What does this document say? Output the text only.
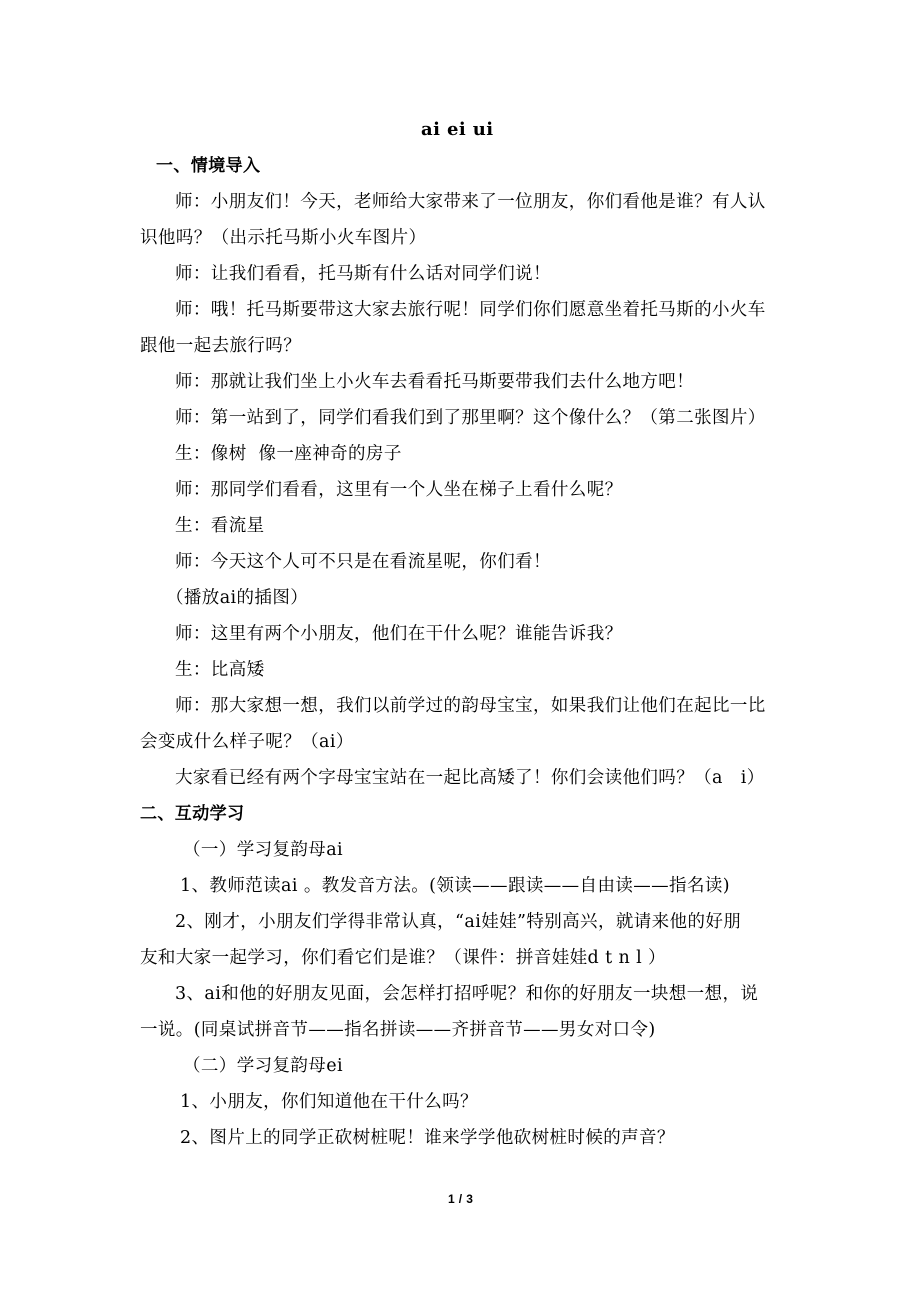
ai ei ui
一、情境导入
师：小朋友们！今天，老师给大家带来了一位朋友，你们看他是谁？有人认
识他吗？（出示托马斯小火车图片）
师：让我们看看，托马斯有什么话对同学们说！
师：哦！托马斯要带这大家去旅行呢！同学们你们愿意坐着托马斯的小火车
跟他一起去旅行吗？
师：那就让我们坐上小火车去看看托马斯要带我们去什么地方吧！
师：第一站到了，同学们看我们到了那里啊？这个像什么？（第二张图片）
生：像树  像一座神奇的房子
师：那同学们看看，这里有一个人坐在梯子上看什么呢？
生：看流星
师：今天这个人可不只是在看流星呢，你们看！
（播放ai的插图）
师：这里有两个小朋友，他们在干什么呢？谁能告诉我？
生：比高矮
师：那大家想一想，我们以前学过的韵母宝宝，如果我们让他们在起比一比
会变成什么样子呢？（ai）
大家看已经有两个字母宝宝站在一起比高矮了！你们会读他们吗？（a   i）
二、互动学习
（一）学习复韵母ai
1、教师范读ai 。教发音方法。(领读——跟读——自由读——指名读)
2、刚才，小朋友们学得非常认真，“ai娃娃”特别高兴，就请来他的好朋
友和大家一起学习，你们看它们是谁？（课件：拼音娃娃d t n l ）
3、ai和他的好朋友见面，会怎样打招呼呢？和你的好朋友一块想一想，说
一说。(同桌试拼音节——指名拼读——齐拼音节——男女对口令)
（二）学习复韵母ei
1、小朋友，你们知道他在干什么吗？
2、图片上的同学正砍树桩呢！谁来学学他砍树桩时候的声音？
1 / 3
